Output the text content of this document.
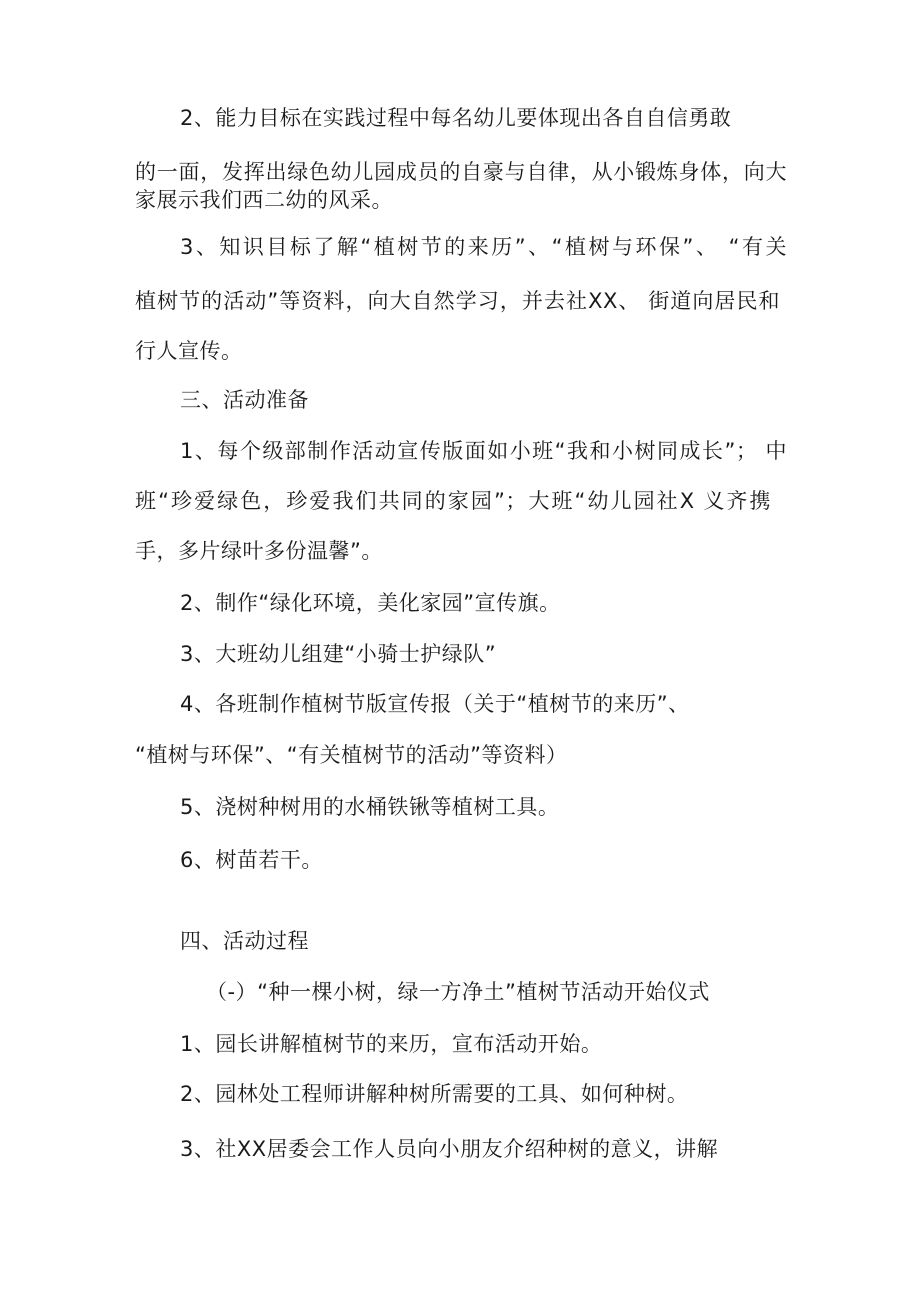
2、能力目标在实践过程中每名幼儿要体现出各自自信勇敢
的一面，发挥出绿色幼儿园成员的自豪与自律，从小锻炼身体，向大
家展示我们西二幼的风采。
3、知识目标了解“植树节的来历”、“植树与环保”、 “有关
植树节的活动”等资料，向大自然学习，并去社XX、 街道向居民和
行人宣传。
三、活动准备
1、每个级部制作活动宣传版面如小班“我和小树同成长”； 中
班“珍爱绿色，珍爱我们共同的家园”；大班“幼儿园社X 义齐携
手，多片绿叶多份温馨”。
2、制作“绿化环境，美化家园”宣传旗。
3、大班幼儿组建“小骑士护绿队”
4、各班制作植树节版宣传报（关于“植树节的来历”、
“植树与环保”、“有关植树节的活动”等资料）
5、浇树种树用的水桶铁锹等植树工具。
6、树苗若干。
四、活动过程
（-）“种一棵小树，绿一方净土”植树节活动开始仪式
1、园长讲解植树节的来历，宣布活动开始。
2、园林处工程师讲解种树所需要的工具、如何种树。
3、社XX居委会工作人员向小朋友介绍种树的意义，讲解
